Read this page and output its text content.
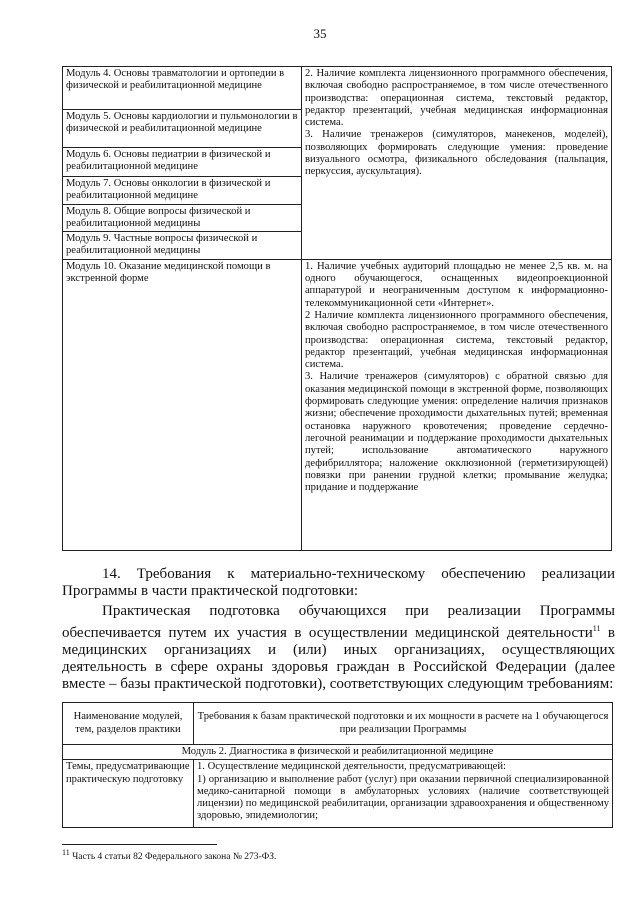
35
Модуль 4. Основы травматологии и ортопедии в физической и реабилитационной медицине	2. Наличие комплекта лицензионного программного обеспечения, включая свободно распространяемое, в том числе отечественного производства: операционная система, текстовый редактор, редактор презентаций, учебная медицинская информационная система.

3. Наличие тренажеров (симуляторов, манекенов, моделей), позволяющих формировать следующие умения: проведение визуального осмотра, физикального обследования (пальпация, перкуссия, аускультация).

Модуль 5. Основы кардиологии и пульмонологии в физической и реабилитационной медицине	
Модуль 6. Основы педиатрии в физической и реабилитационной медицине	
Модуль 7. Основы онкологии в физической и реабилитационной медицине	
Модуль 8. Общие вопросы физической и реабилитационной медицины	
Модуль 9. Частные вопросы физической и реабилитационной медицины	
Модуль 10. Оказание медицинской помощи в экстренной форме	1. Наличие учебных аудиторий площадью не менее 2,5 кв. м. на одного обучающегося, оснащенных видеопроекционной аппаратурой и неограниченным доступом к информационно-телекоммуникационной сети «Интернет».

2 Наличие комплекта лицензионного программного обеспечения, включая свободно распространяемое, в том числе отечественного производства: операционная система, текстовый редактор, редактор презентаций, учебная медицинская информационная система.

3. Наличие тренажеров (симуляторов) с обратной связью для оказания медицинской помощи в экстренной форме, позволяющих формировать следующие умения: определение наличия признаков жизни; обеспечение проходимости дыхательных путей; временная остановка наружного кровотечения; проведение сердечно-легочной реанимации и поддержание проходимости дыхательных путей; использование автоматического наружного дефибриллятора; наложение окклюзионной (герметизирующей) повязки при ранении грудной клетки; промывание желудка; придание и поддержание

14. Требования к материально-техническому обеспечению реализации Программы в части практической подготовки:

Практическая подготовка обучающихся при реализации Программы обеспечивается путем их участия в осуществлении медицинской деятельности$^{11}$ в медицинских организациях и (или) иных организациях, осуществляющих деятельность в сфере охраны здоровья граждан в Российской Федерации (далее вместе – базы практической подготовки), соответствующих следующим требованиям:

Наименование модулей, тем, разделов практики	Требования к базам практической подготовки и их мощности в расчете на 1 обучающегося при реализации Программы
Модуль 2. Диагностика в физической и реабилитационной медицине	
Темы, предусматривающие практическую подготовку	1. Осуществление медицинской деятельности, предусматривающей:

1) организацию и выполнение работ (услуг) при оказании первичной специализированной медико-санитарной помощи в амбулаторных условиях (наличие соответствующей лицензии) по медицинской реабилитации, организации здравоохранения и общественному здоровью, эпидемиологии;

$^{11}$ Часть 4 статьи 82 Федерального закона № 273-ФЗ.
